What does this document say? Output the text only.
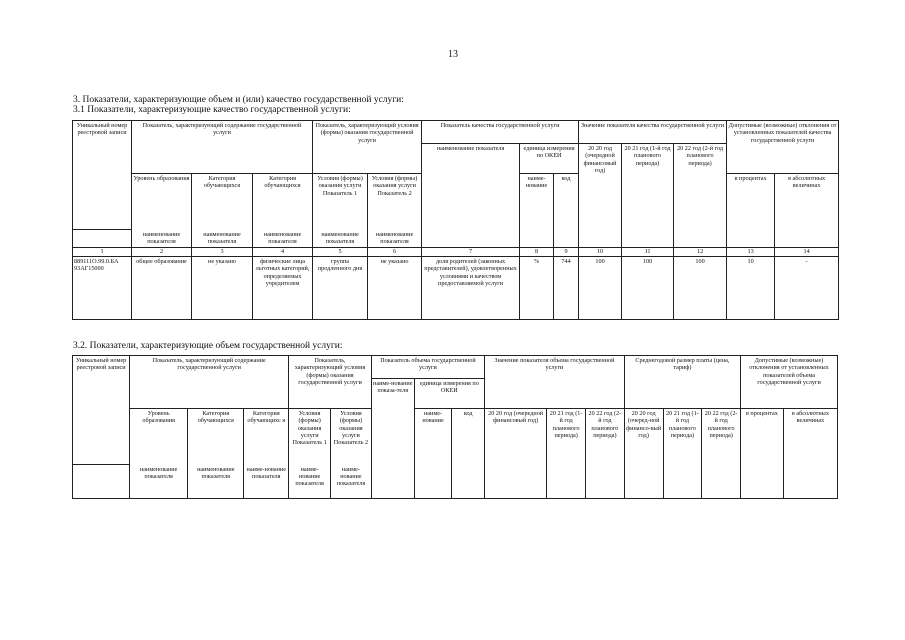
13
3. Показатели, характеризующие объем и (или) качество государственной услуги:
3.1 Показатели, характеризующие качество государственной услуги:
Уникальный номер реестровой записи	Показатель, характеризующий содержание государственной услуги			Показатель, характеризующий условия (формы) оказания государственной услуги		Показатель качества государственной услуги			Значение показателя качества государственной услуги			Допустимые (возможные) отклонения от установленных показателей качества государственной услуги	
						наименование показателя	единица измерения по ОКЕИ		20 20 год (очередной финансовый год)	20 21 год (1-й год планового периода)	20 22 год (2-й год планового периода)		
	Уровень образования	Категория обучающихся	Категория обучающихся	Условия (формы) оказания услуги Показатель 1	Условия (формы) оказания услуги Показатель 2		наиме-нование	код				в процентах	в абсолютных величинах
	наименование показателя	наименование показателя	наименование показателя	наименование показателя	наименование показателя								
1	2	3	4	5	6	7	8	9	10	11	12	13	14
889111О.99.0.БА 93АГ15000	общее образование	не указано	физические лица льготных категорий, определяемых учредителем	группа продленного дня	не указано	доля родителей (законных представителей), удовлетворенных условиями и качеством предоставляемой услуги	%	744	100	100	100	10	-
3.2. Показатели, характеризующие объем государственной услуги:
Уникальный номер реестровой записи	Показатель, характеризующий содержание государственной услуги			Показатель, характеризующий условия (формы) оказания государственной услуги		Показатель объема государственной услуги			Значение показателя объема государственной услуги			Среднегодовой размер платы (цена, тариф)			Допустимые (возможные) отклонения от установленных показателей объема государственной услуги	
						наиме-нование показа-теля	единица измерения по ОКЕИ									
	Уровень образования	Категория обучающихся	Категория обучающихс я	Условия (формы) оказания услуги Показатель 1	Условия (формы) оказания услуги Показатель 2		наиме-нование	код	20 20 год (очередной финансовый год)	20 21 год (1-й год планового периода)	20 22 год (2-й год планового периода)	20 20 год (очеред-ной финансо-вый год)	20 21 год (1-й год планового периода)	20 22 год (2-й год планового периода)	в процентах	в абсолютных величинах
	наименование показателя	наименование показателя	наиме-нование показателя	наиме-нование показателя	наиме-нование показателя											
